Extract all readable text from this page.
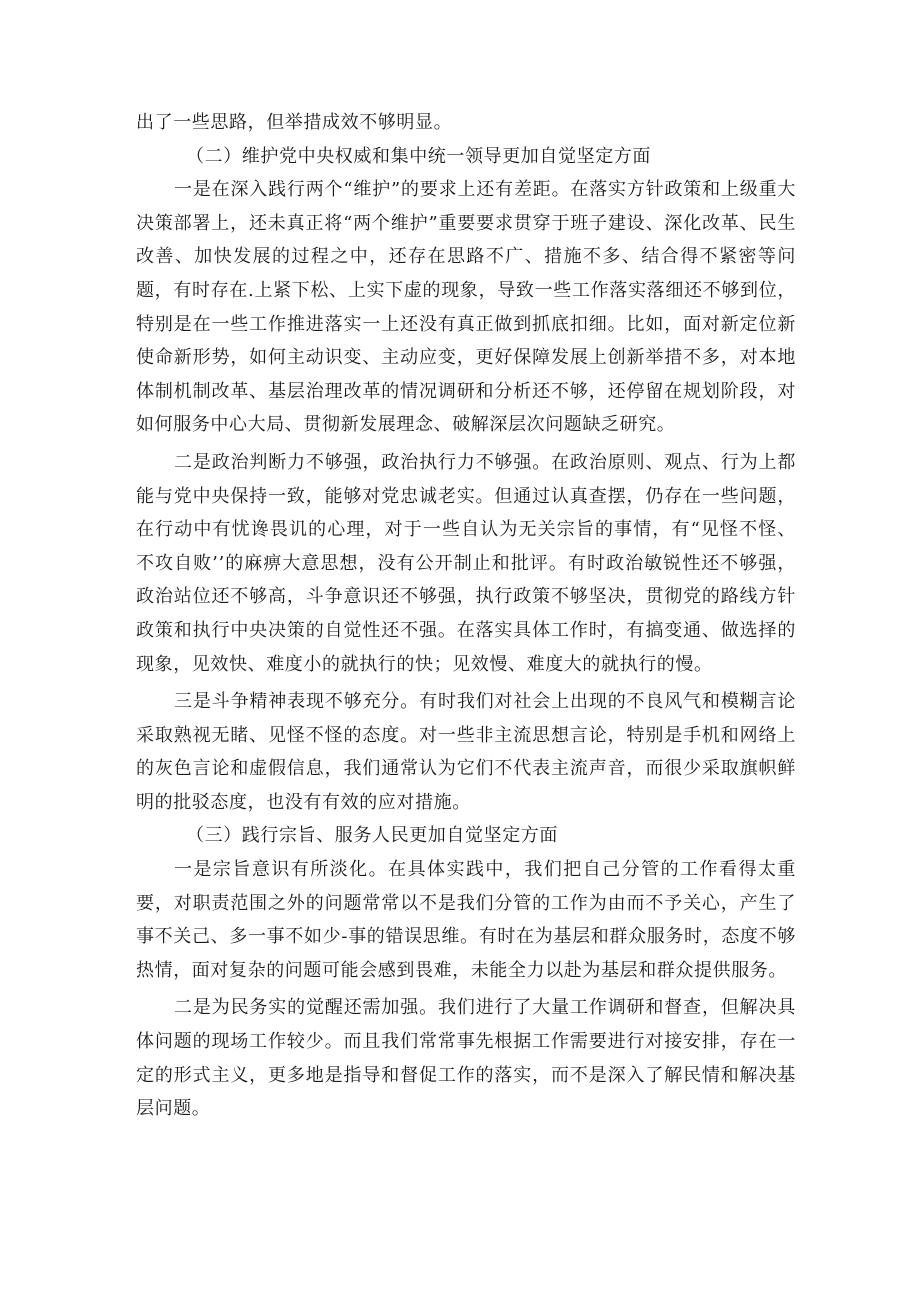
出了一些思路，但举措成效不够明显。

（二）维护党中央权威和集中统一领导更加自觉坚定方面

一是在深入践行两个“维护”的要求上还有差距。在落实方针政策和上级重大决策部署上，还未真正将“两个维护”重要要求贯穿于班子建设、深化改革、民生改善、加快发展的过程之中，还存在思路不广、措施不多、结合得不紧密等问题，有时存在.上紧下松、上实下虚的现象，导致一些工作落实落细还不够到位，特别是在一些工作推进落实一上还没有真正做到抓底扣细。比如，面对新定位新使命新形势，如何主动识变、主动应变，更好保障发展上创新举措不多，对本地体制机制改革、基层治理改革的情况调研和分析还不够，还停留在规划阶段，对如何服务中心大局、贯彻新发展理念、破解深层次问题缺乏研究。

二是政治判断力不够强，政治执行力不够强。在政治原则、观点、行为上都能与党中央保持一致，能够对党忠诚老实。但通过认真查摆，仍存在一些问题，在行动中有忧谗畏讥的心理，对于一些自认为无关宗旨的事情，有“见怪不怪、不攻自败’’的麻痹大意思想，没有公开制止和批评。有时政治敏锐性还不够强，政治站位还不够高，斗争意识还不够强，执行政策不够坚决，贯彻党的路线方针政策和执行中央决策的自觉性还不强。在落实具体工作时，有搞变通、做选择的现象，见效快、难度小的就执行的快；见效慢、难度大的就执行的慢。

三是斗争精神表现不够充分。有时我们对社会上出现的不良风气和模糊言论采取熟视无睹、见怪不怪的态度。对一些非主流思想言论，特别是手机和网络上的灰色言论和虚假信息，我们通常认为它们不代表主流声音，而很少采取旗帜鲜明的批驳态度，也没有有效的应对措施。

（三）践行宗旨、服务人民更加自觉坚定方面

一是宗旨意识有所淡化。在具体实践中，我们把自己分管的工作看得太重要，对职责范围之外的问题常常以不是我们分管的工作为由而不予关心，产生了事不关己、多一事不如少-事的错误思维。有时在为基层和群众服务时，态度不够热情，面对复杂的问题可能会感到畏难，未能全力以赴为基层和群众提供服务。

二是为民务实的觉醒还需加强。我们进行了大量工作调研和督查，但解决具体问题的现场工作较少。而且我们常常事先根据工作需要进行对接安排，存在一定的形式主义，更多地是指导和督促工作的落实，而不是深入了解民情和解决基层问题。
